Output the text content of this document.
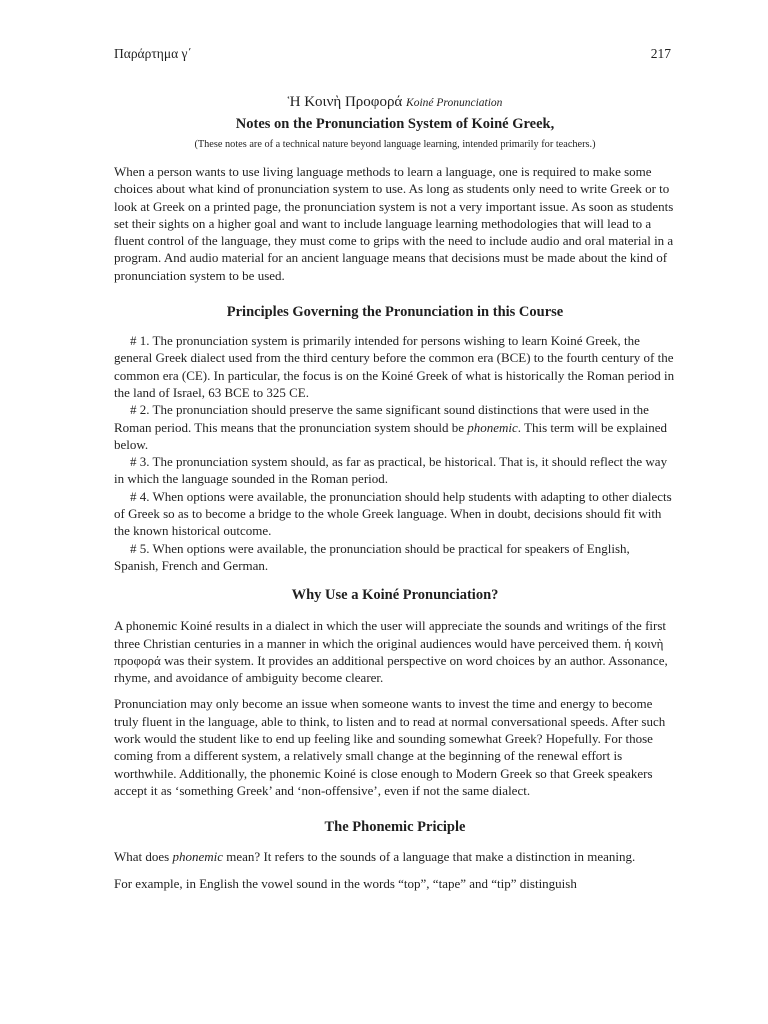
Παράρτημα γ΄	217
Ἡ Κοινὴ Προφορά Koiné Pronunciation
Notes on the Pronunciation System of Koiné Greek,
(These notes are of a technical nature beyond language learning, intended primarily for teachers.)

When a person wants to use living language methods to learn a language, one is required to make some choices about what kind of pronunciation system to use. As long as students only need to write Greek or to look at Greek on a printed page, the pronunciation system is not a very important issue. As soon as students set their sights on a higher goal and want to include language learning methodologies that will lead to a fluent control of the language, they must come to grips with the need to include audio and oral material in a program. And audio material for an ancient language means that decisions must be made about the kind of pronunciation system to be used.

Principles Governing the Pronunciation in this Course

# 1. The pronunciation system is primarily intended for persons wishing to learn Koiné Greek, the general Greek dialect used from the third century before the common era (BCE) to the fourth century of the common era (CE). In particular, the focus is on the Koiné Greek of what is historically the Roman period in the land of Israel, 63 BCE to 325 CE.

# 2. The pronunciation should preserve the same significant sound distinctions that were used in the Roman period. This means that the pronunciation system should be phonemic. This term will be explained below.

# 3. The pronunciation system should, as far as practical, be historical. That is, it should reflect the way in which the language sounded in the Roman period.

# 4. When options were available, the pronunciation should help students with adapting to other dialects of Greek so as to become a bridge to the whole Greek language. When in doubt, decisions should fit with the known historical outcome.

# 5. When options were available, the pronunciation should be practical for speakers of English, Spanish, French and German.

Why Use a Koiné Pronunciation?

A phonemic Koiné results in a dialect in which the user will appreciate the sounds and writings of the first three Christian centuries in a manner in which the original audiences would have perceived them. ἡ κοινὴ προφορά was their system. It provides an additional perspective on word choices by an author. Assonance, rhyme, and avoidance of ambiguity become clearer.

Pronunciation may only become an issue when someone wants to invest the time and energy to become truly fluent in the language, able to think, to listen and to read at normal conversational speeds. After such work would the student like to end up feeling like and sounding somewhat Greek? Hopefully. For those coming from a different system, a relatively small change at the beginning of the renewal effort is worthwhile. Additionally, the phonemic Koiné is close enough to Modern Greek so that Greek speakers accept it as ‘something Greek’ and ‘non-offensive’, even if not the same dialect.

The Phonemic Priciple

What does phonemic mean? It refers to the sounds of a language that make a distinction in meaning.

For example, in English the vowel sound in the words “top”, “tape” and “tip” distinguish
